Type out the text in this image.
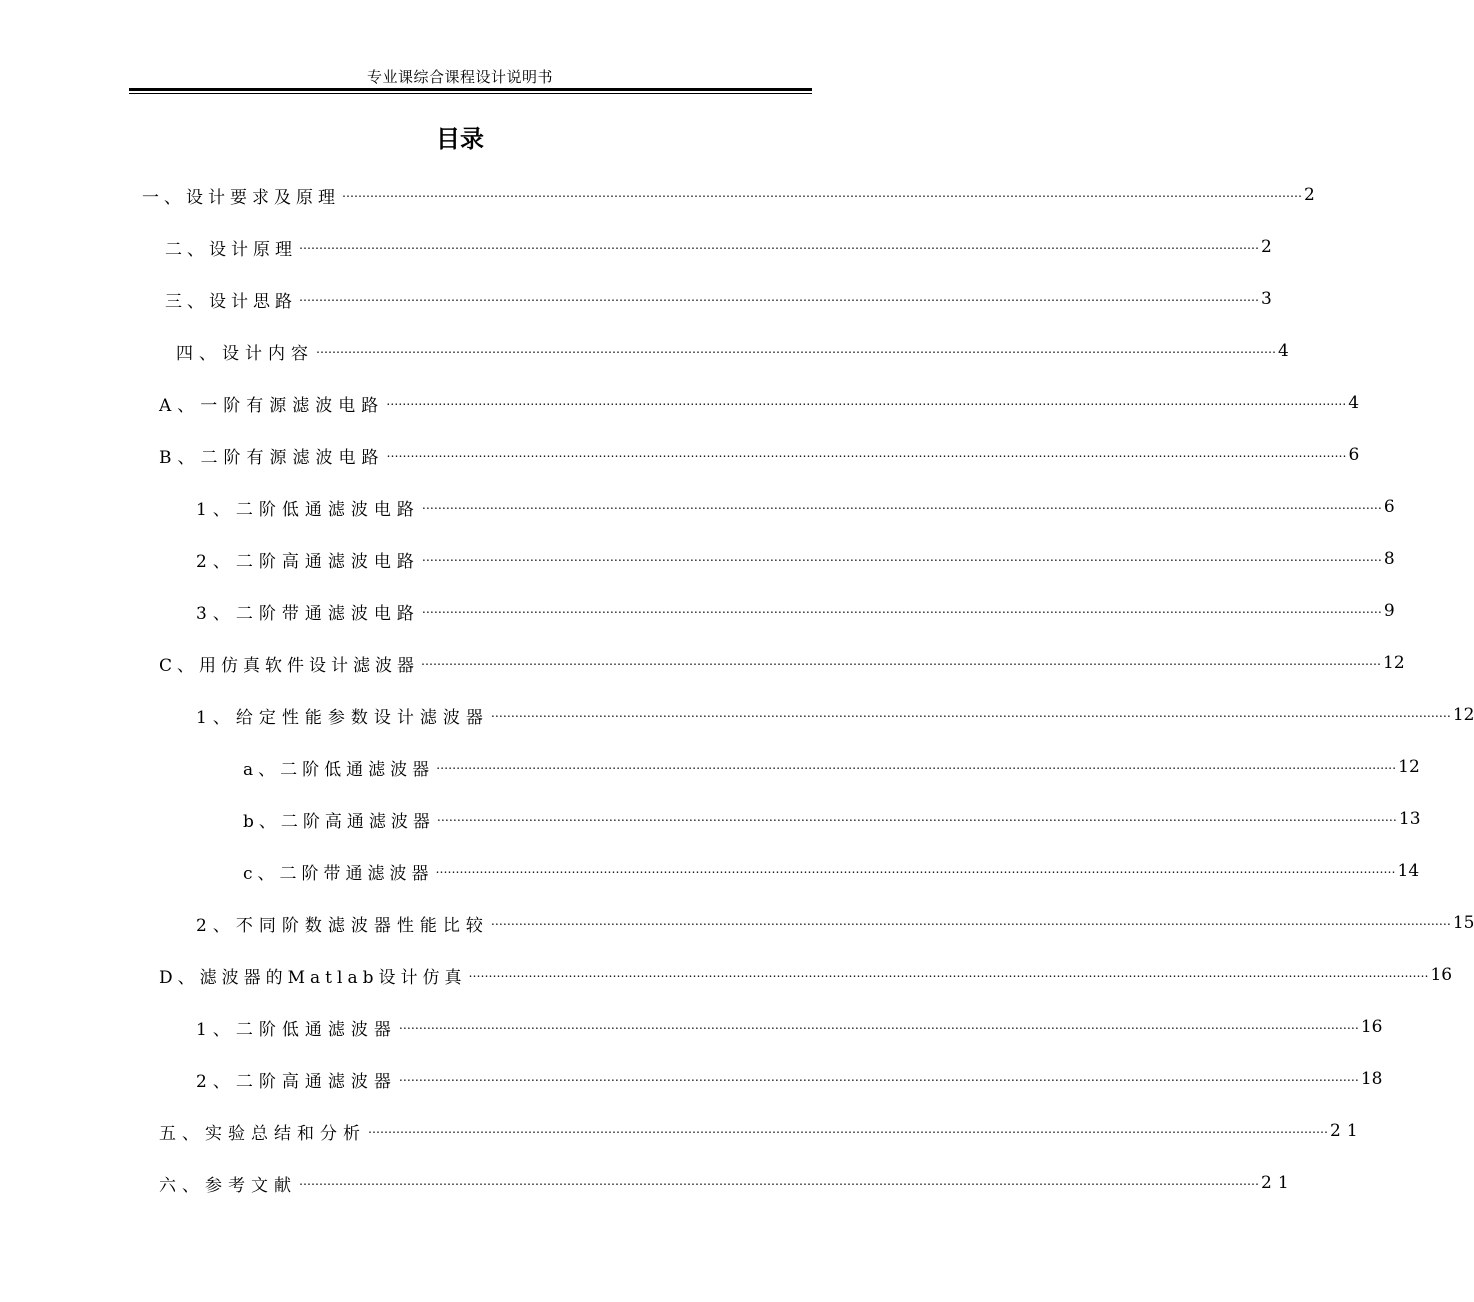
专业课综合课程设计说明书
目录
一、设计要求及原理 …………………………………………………………………………………………………………………………………………………………………………………………………………………… 2
二、设计原理 …………………………………………………………………………………………………………………………………………………………………………………………………………………… 2
三、设计思路 …………………………………………………………………………………………………………………………………………………………………………………………………………………… 3
四、设计内容 …………………………………………………………………………………………………………………………………………………………………………………………………………………… 4
A、一阶有源滤波电路 …………………………………………………………………………………………………………………………………………………………………………………………………………………… 4
B、二阶有源滤波电路 …………………………………………………………………………………………………………………………………………………………………………………………………………………… 6
1、二阶低通滤波电路 …………………………………………………………………………………………………………………………………………………………………………………………………………………… 6
2、二阶高通滤波电路 …………………………………………………………………………………………………………………………………………………………………………………………………………………… 8
3、二阶带通滤波电路 …………………………………………………………………………………………………………………………………………………………………………………………………………………… 9
C、用仿真软件设计滤波器 …………………………………………………………………………………………………………………………………………………………………………………………………………………… 12
1、给定性能参数设计滤波器 …………………………………………………………………………………………………………………………………………………………………………………………………………………… 12
a、二阶低通滤波器 …………………………………………………………………………………………………………………………………………………………………………………………………………………… 12
b、二阶高通滤波器 …………………………………………………………………………………………………………………………………………………………………………………………………………………… 13
c、二阶带通滤波器 …………………………………………………………………………………………………………………………………………………………………………………………………………………… 14
2、不同阶数滤波器性能比较 …………………………………………………………………………………………………………………………………………………………………………………………………………………… 15
D、滤波器的Matlab设计仿真 …………………………………………………………………………………………………………………………………………………………………………………………………………………… 16
1、二阶低通滤波器 …………………………………………………………………………………………………………………………………………………………………………………………………………………… 16
2、二阶高通滤波器 …………………………………………………………………………………………………………………………………………………………………………………………………………………… 18
五、实验总结和分析 …………………………………………………………………………………………………………………………………………………………………………………………………………………… 21
六、参考文献 …………………………………………………………………………………………………………………………………………………………………………………………………………………… 21
